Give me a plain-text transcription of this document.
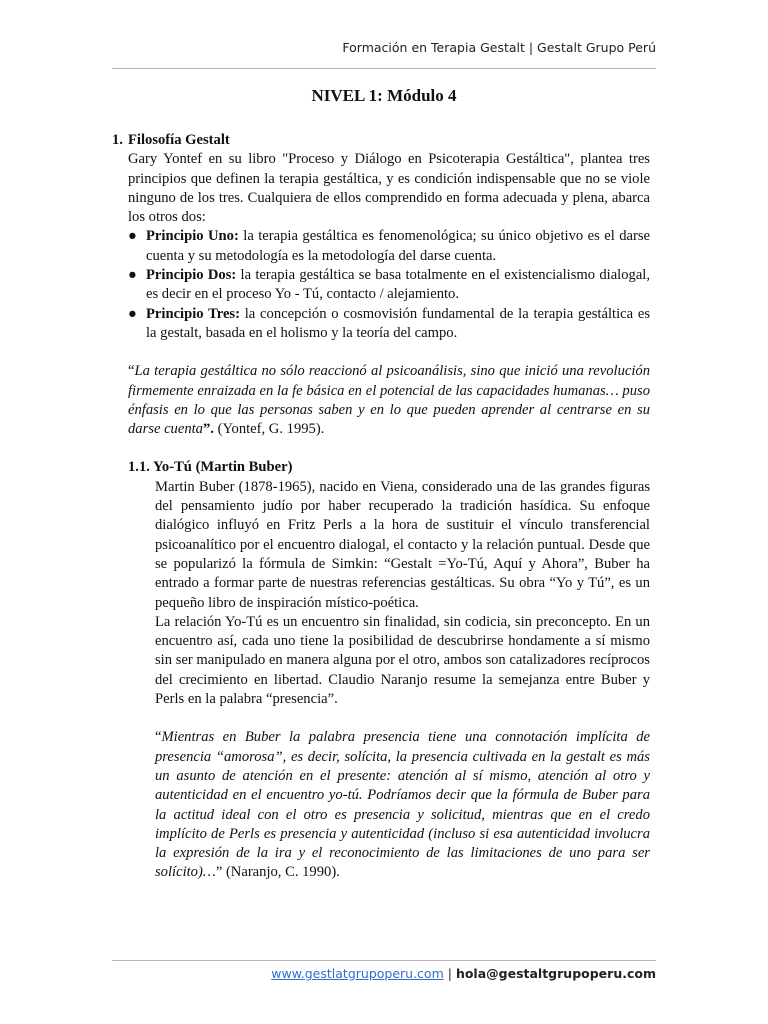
Formación en Terapia Gestalt | Gestalt Grupo Perú
NIVEL 1: Módulo 4
1. Filosofía Gestalt

Gary Yontef en su libro "Proceso y Diálogo en Psicoterapia Gestáltica", plantea tres principios que definen la terapia gestáltica, y es condición indispensable que no se viole ninguno de los tres. Cualquiera de ellos comprendido en forma adecuada y plena, abarca los otros dos:

● Principio Uno: la terapia gestáltica es fenomenológica; su único objetivo es el darse cuenta y su metodología es la metodología del darse cuenta.
● Principio Dos: la terapia gestáltica se basa totalmente en el existencialismo dialogal, es decir en el proceso Yo - Tú, contacto / alejamiento.
● Principio Tres: la concepción o cosmovisión fundamental de la terapia gestáltica es la gestalt, basada en el holismo y la teoría del campo.

“La terapia gestáltica no sólo reaccionó al psicoanálisis, sino que inició una revolución firmemente enraizada en la fe básica en el potencial de las capacidades humanas… puso énfasis en lo que las personas saben y en lo que pueden aprender al centrarse en su darse cuenta”. (Yontef, G. 1995).

1.1. Yo-Tú (Martin Buber)

Martin Buber (1878-1965), nacido en Viena, considerado una de las grandes figuras del pensamiento judío por haber recuperado la tradición hasídica. Su enfoque dialógico influyó en Fritz Perls a la hora de sustituir el vínculo transferencial psicoanalítico por el encuentro dialogal, el contacto y la relación puntual. Desde que se popularizó la fórmula de Simkin: “Gestalt =Yo-Tú, Aquí y Ahora”, Buber ha entrado a formar parte de nuestras referencias gestálticas. Su obra “Yo y Tú”, es un pequeño libro de inspiración místico-poética.

La relación Yo-Tú es un encuentro sin finalidad, sin codicia, sin preconcepto. En un encuentro así, cada uno tiene la posibilidad de descubrirse hondamente a sí mismo sin ser manipulado en manera alguna por el otro, ambos son catalizadores recíprocos del crecimiento en libertad. Claudio Naranjo resume la semejanza entre Buber y Perls en la palabra “presencia”.

“Mientras en Buber la palabra presencia tiene una connotación implícita de presencia “amorosa”, es decir, solícita, la presencia cultivada en la gestalt es más un asunto de atención en el presente: atención al sí mismo, atención al otro y autenticidad en el encuentro yo-tú. Podríamos decir que la fórmula de Buber para la actitud ideal con el otro es presencia y solicitud, mientras que en el credo implícito de Perls es presencia y autenticidad (incluso si esa autenticidad involucra la expresión de la ira y el reconocimiento de las limitaciones de uno para ser solícito)…” (Naranjo, C. 1990).

www.gestlatgrupoperu.com | hola@gestaltgrupoperu.com
